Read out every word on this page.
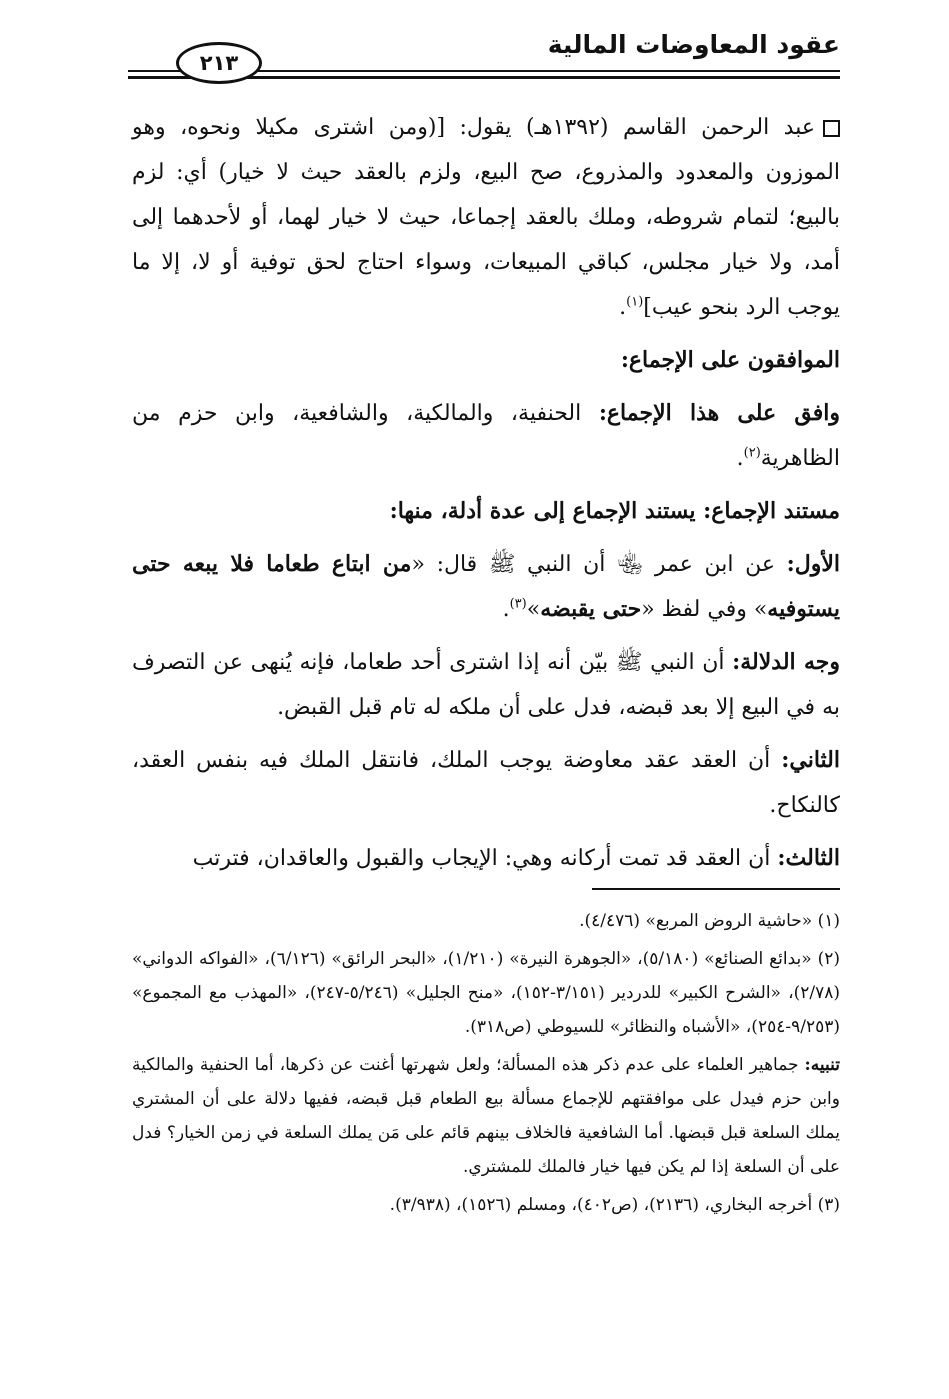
عقود المعاوضات المالية
٢١٣

عبد الرحمن القاسم (١٣٩٢هـ) يقول: [(ومن اشترى مكيلا ونحوه، وهو الموزون والمعدود والمذروع، صح البيع، ولزم بالعقد حيث لا خيار) أي: لزم بالبيع؛ لتمام شروطه، وملك بالعقد إجماعا، حيث لا خيار لهما، أو لأحدهما إلى أمد، ولا خيار مجلس، كباقي المبيعات، وسواء احتاج لحق توفية أو لا، إلا ما يوجب الرد بنحو عيب]$^{(١)}$.

الموافقون على الإجماع:

وافق على هذا الإجماع: الحنفية، والمالكية، والشافعية، وابن حزم من الظاهرية$^{(٢)}$.

مستند الإجماع: يستند الإجماع إلى عدة أدلة، منها:

الأول: عن ابن عمر ﵄ أن النبي ﷺ قال: «من ابتاع طعاما فلا يبعه حتى يستوفيه» وفي لفظ «حتى يقبضه»$^{(٣)}$.

وجه الدلالة: أن النبي ﷺ بيّن أنه إذا اشترى أحد طعاما، فإنه يُنهى عن التصرف به في البيع إلا بعد قبضه، فدل على أن ملكه له تام قبل القبض.

الثاني: أن العقد عقد معاوضة يوجب الملك، فانتقل الملك فيه بنفس العقد، كالنكاح.

الثالث: أن العقد قد تمت أركانه وهي: الإيجاب والقبول والعاقدان، فترتب

(١) «حاشية الروض المربع» (٤/٤٧٦).

(٢) «بدائع الصنائع» (٥/١٨٠)، «الجوهرة النيرة» (١/٢١٠)، «البحر الرائق» (٦/١٢٦)، «الفواكه الدواني» (٢/٧٨)، «الشرح الكبير» للدردير (٣/١٥١-١٥٢)، «منح الجليل» (٥/٢٤٦-٢٤٧)، «المهذب مع المجموع» (٩/٢٥٣-٢٥٤)، «الأشباه والنظائر» للسيوطي (ص٣١٨).

تنبيه: جماهير العلماء على عدم ذكر هذه المسألة؛ ولعل شهرتها أغنت عن ذكرها، أما الحنفية والمالكية وابن حزم فيدل على موافقتهم للإجماع مسألة بيع الطعام قبل قبضه، ففيها دلالة على أن المشتري يملك السلعة قبل قبضها. أما الشافعية فالخلاف بينهم قائم على مَن يملك السلعة في زمن الخيار؟ فدل على أن السلعة إذا لم يكن فيها خيار فالملك للمشتري.

(٣) أخرجه البخاري، (٢١٣٦)، (ص٤٠٢)، ومسلم (١٥٢٦)، (٣/٩٣٨).
